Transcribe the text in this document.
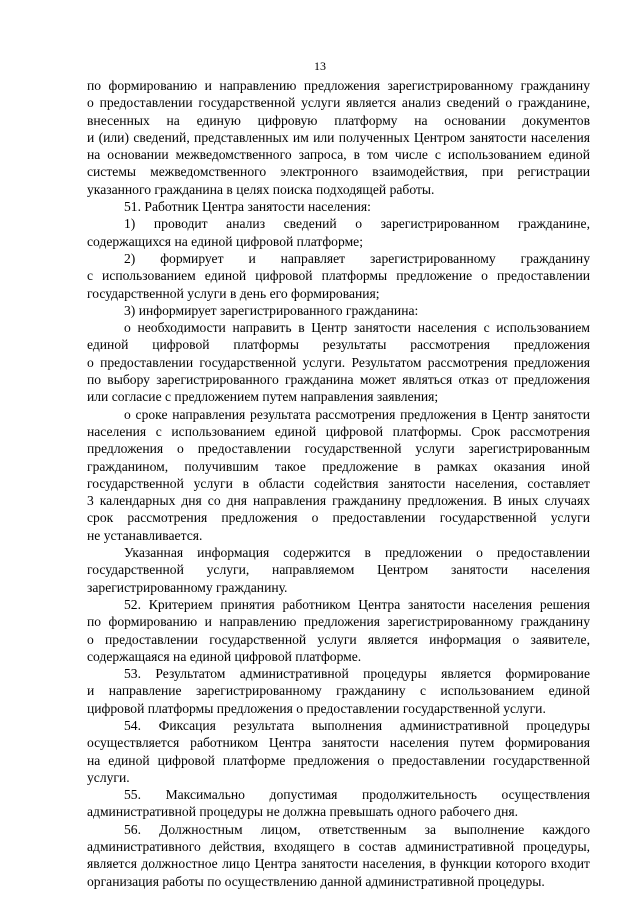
13
по формированию и направлению предложения зарегистрированному гражданину
о предоставлении государственной услуги является анализ сведений о гражданине,
внесенных на единую цифровую платформу на основании документов
и (или) сведений, представленных им или полученных Центром занятости населения
на основании межведомственного запроса, в том числе с использованием единой
системы межведомственного электронного взаимодействия, при регистрации
указанного гражданина в целях поиска подходящей работы.
51. Работник Центра занятости населения:
1) проводит анализ сведений о зарегистрированном гражданине,
содержащихся на единой цифровой платформе;
2) формирует и направляет зарегистрированному гражданину
с использованием единой цифровой платформы предложение о предоставлении
государственной услуги в день его формирования;
3) информирует зарегистрированного гражданина:
о необходимости направить в Центр занятости населения с использованием
единой цифровой платформы результаты рассмотрения предложения
о предоставлении государственной услуги. Результатом рассмотрения предложения
по выбору зарегистрированного гражданина может являться отказ от предложения
или согласие с предложением путем направления заявления;
о сроке направления результата рассмотрения предложения в Центр занятости
населения с использованием единой цифровой платформы. Срок рассмотрения
предложения о предоставлении государственной услуги зарегистрированным
гражданином, получившим такое предложение в рамках оказания иной
государственной услуги в области содействия занятости населения, составляет
3 календарных дня со дня направления гражданину предложения. В иных случаях
срок рассмотрения предложения о предоставлении государственной услуги
не устанавливается.
Указанная информация содержится в предложении о предоставлении
государственной услуги, направляемом Центром занятости населения
зарегистрированному гражданину.
52. Критерием принятия работником Центра занятости населения решения
по формированию и направлению предложения зарегистрированному гражданину
о предоставлении государственной услуги является информация о заявителе,
содержащаяся на единой цифровой платформе.
53. Результатом административной процедуры является формирование
и направление зарегистрированному гражданину с использованием единой
цифровой платформы предложения о предоставлении государственной услуги.
54. Фиксация результата выполнения административной процедуры
осуществляется работником Центра занятости населения путем формирования
на единой цифровой платформе предложения о предоставлении государственной
услуги.
55. Максимально допустимая продолжительность осуществления
административной процедуры не должна превышать одного рабочего дня.
56. Должностным лицом, ответственным за выполнение каждого
административного действия, входящего в состав административной процедуры,
является должностное лицо Центра занятости населения, в функции которого входит
организация работы по осуществлению данной административной процедуры.
